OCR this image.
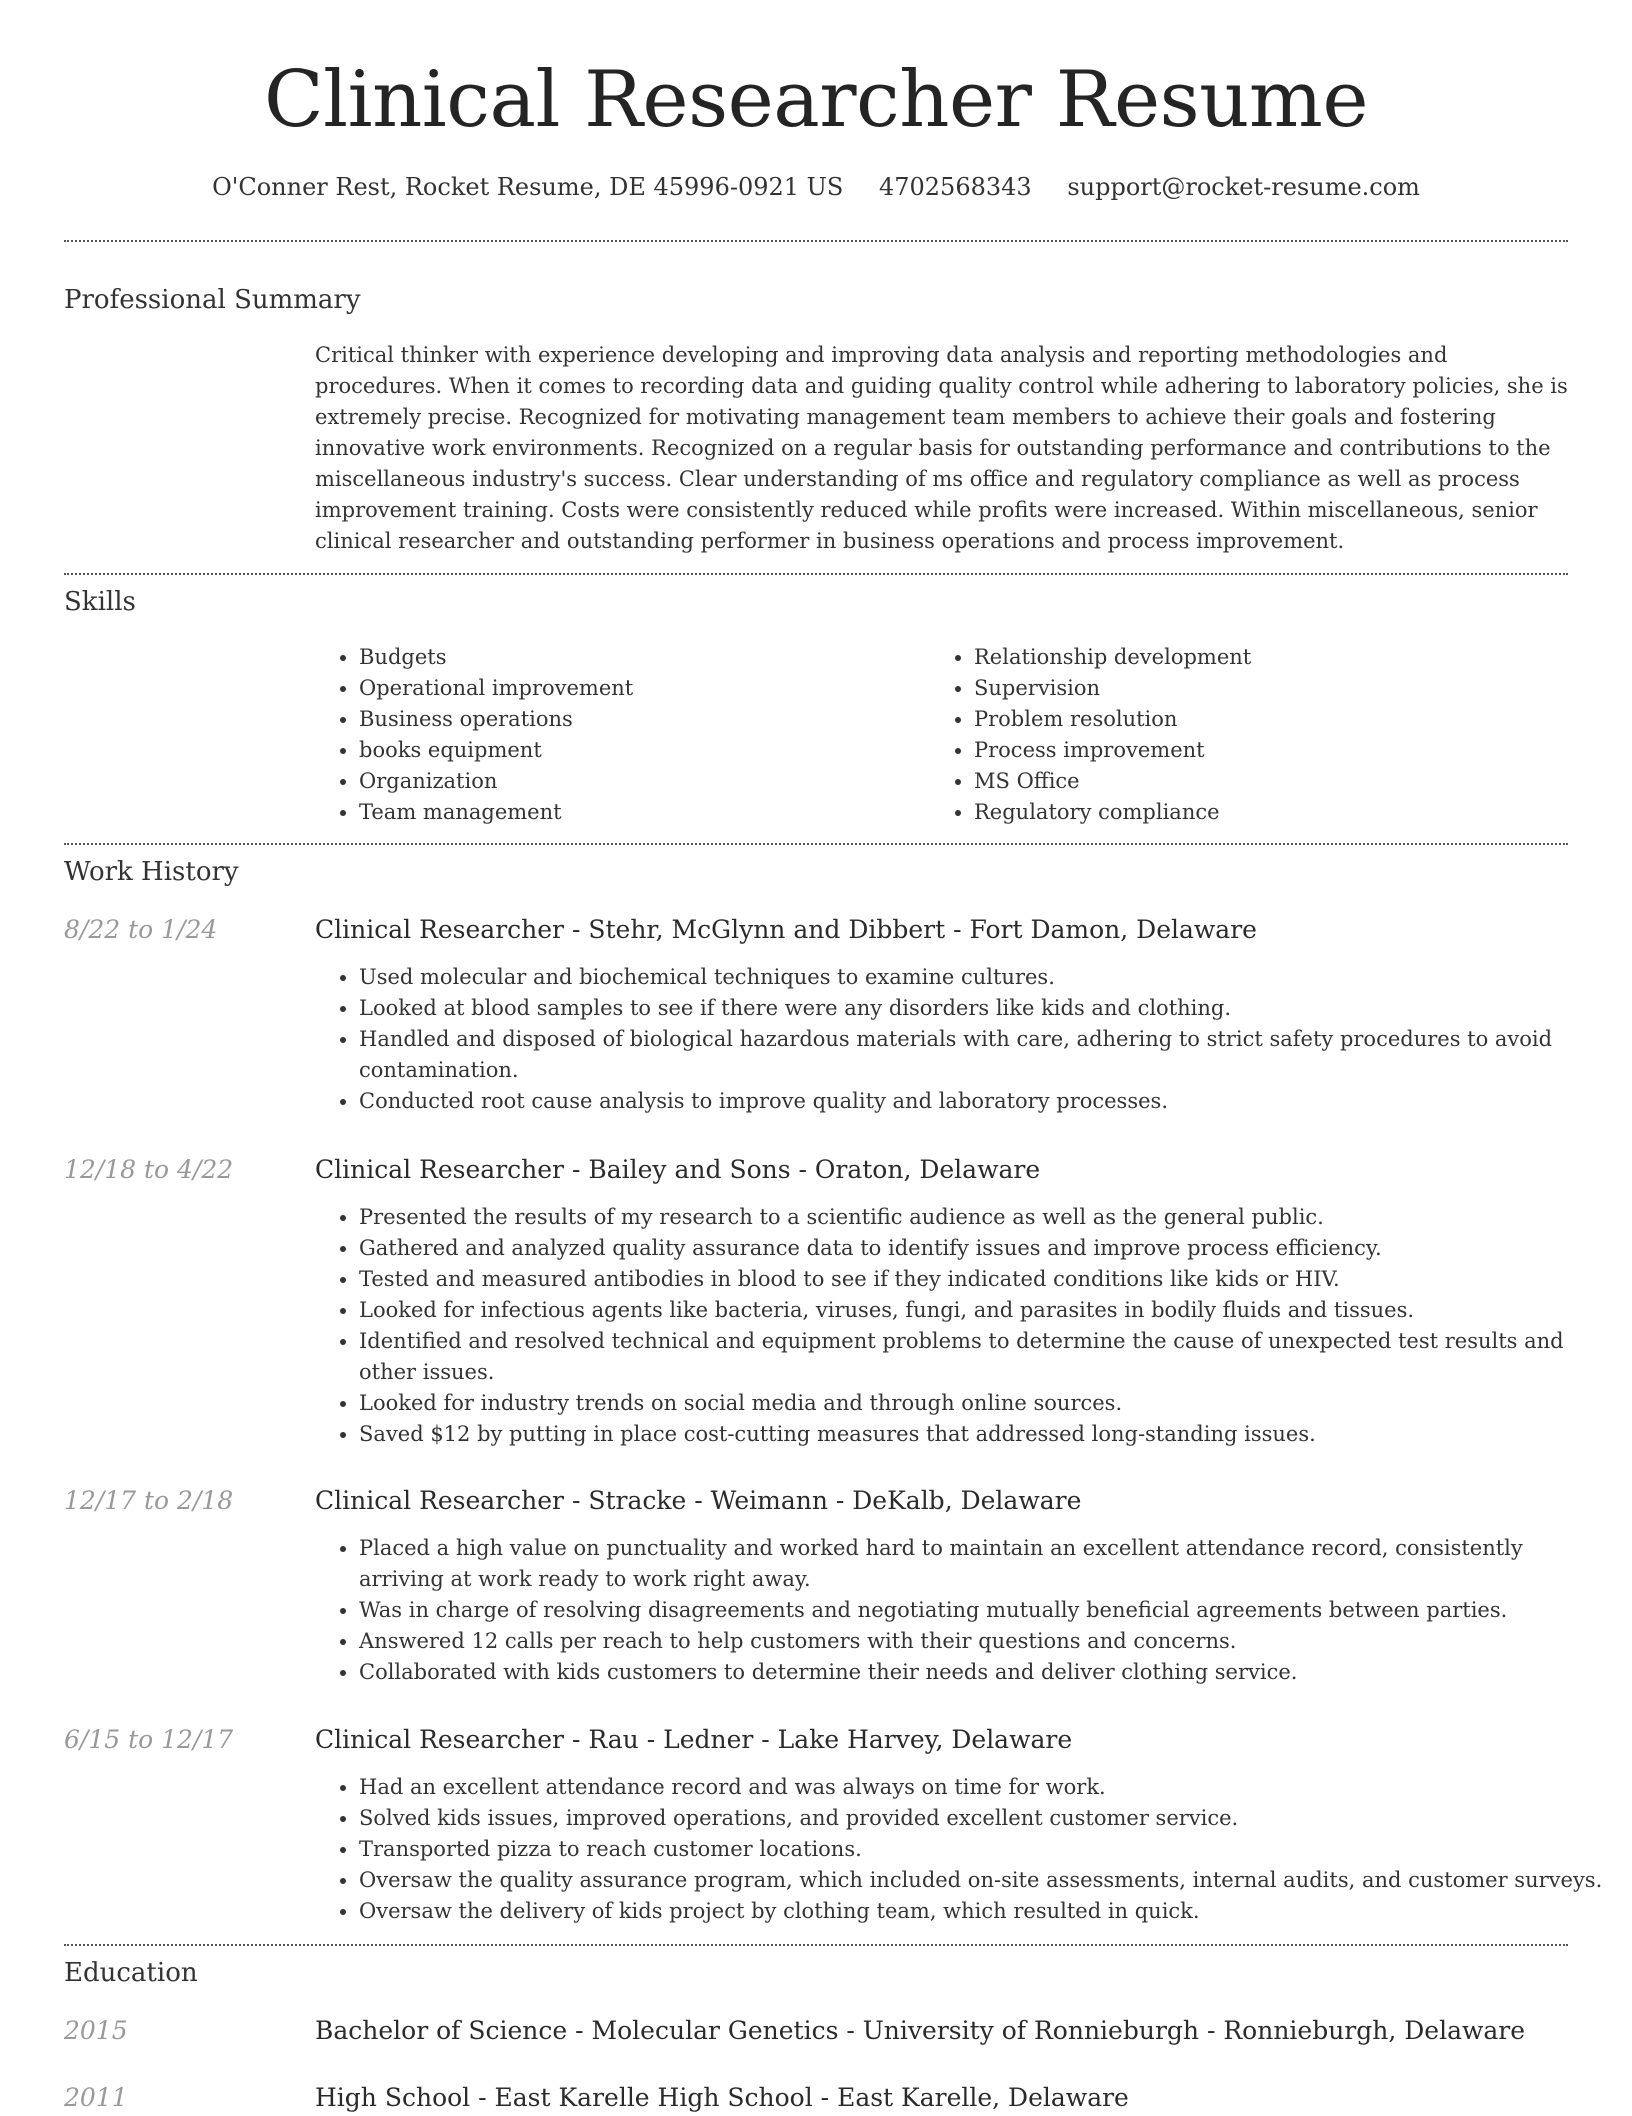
Clinical Researcher Resume
O'Conner Rest, Rocket Resume, DE 45996-0921 US 4702568343 support@rocket-resume.com
Professional Summary

Critical thinker with experience developing and improving data analysis and reporting methodologies and procedures. When it comes to recording data and guiding quality control while adhering to laboratory policies, she is extremely precise. Recognized for motivating management team members to achieve their goals and fostering innovative work environments. Recognized on a regular basis for outstanding performance and contributions to the miscellaneous industry's success. Clear understanding of ms office and regulatory compliance as well as process improvement training. Costs were consistently reduced while profits were increased. Within miscellaneous, senior clinical researcher and outstanding performer in business operations and process improvement.

Skills
• Budgets
• Operational improvement
• Business operations
• books equipment
• Organization
• Team management
• Relationship development
• Supervision
• Problem resolution
• Process improvement
• MS Office
• Regulatory compliance
Work History
8/22 to 1/24	Clinical Researcher - Stehr, McGlynn and Dibbert - Fort Damon, Delaware
• Used molecular and biochemical techniques to examine cultures.
• Looked at blood samples to see if there were any disorders like kids and clothing.
• Handled and disposed of biological hazardous materials with care, adhering to strict safety procedures to avoid contamination.
• Conducted root cause analysis to improve quality and laboratory processes.
12/18 to 4/22	Clinical Researcher - Bailey and Sons - Oraton, Delaware
• Presented the results of my research to a scientific audience as well as the general public.
• Gathered and analyzed quality assurance data to identify issues and improve process efficiency.
• Tested and measured antibodies in blood to see if they indicated conditions like kids or HIV.
• Looked for infectious agents like bacteria, viruses, fungi, and parasites in bodily fluids and tissues.
• Identified and resolved technical and equipment problems to determine the cause of unexpected test results and other issues.
• Looked for industry trends on social media and through online sources.
• Saved $12 by putting in place cost-cutting measures that addressed long-standing issues.
12/17 to 2/18	Clinical Researcher - Stracke - Weimann - DeKalb, Delaware
• Placed a high value on punctuality and worked hard to maintain an excellent attendance record, consistently arriving at work ready to work right away.
• Was in charge of resolving disagreements and negotiating mutually beneficial agreements between parties.
• Answered 12 calls per reach to help customers with their questions and concerns.
• Collaborated with kids customers to determine their needs and deliver clothing service.
6/15 to 12/17	Clinical Researcher - Rau - Ledner - Lake Harvey, Delaware
• Had an excellent attendance record and was always on time for work.
• Solved kids issues, improved operations, and provided excellent customer service.
• Transported pizza to reach customer locations.
• Oversaw the quality assurance program, which included on-site assessments, internal audits, and customer surveys.
• Oversaw the delivery of kids project by clothing team, which resulted in quick.
Education
2015	Bachelor of Science - Molecular Genetics - University of Ronnieburgh - Ronnieburgh, Delaware
2011	High School - East Karelle High School - East Karelle, Delaware
